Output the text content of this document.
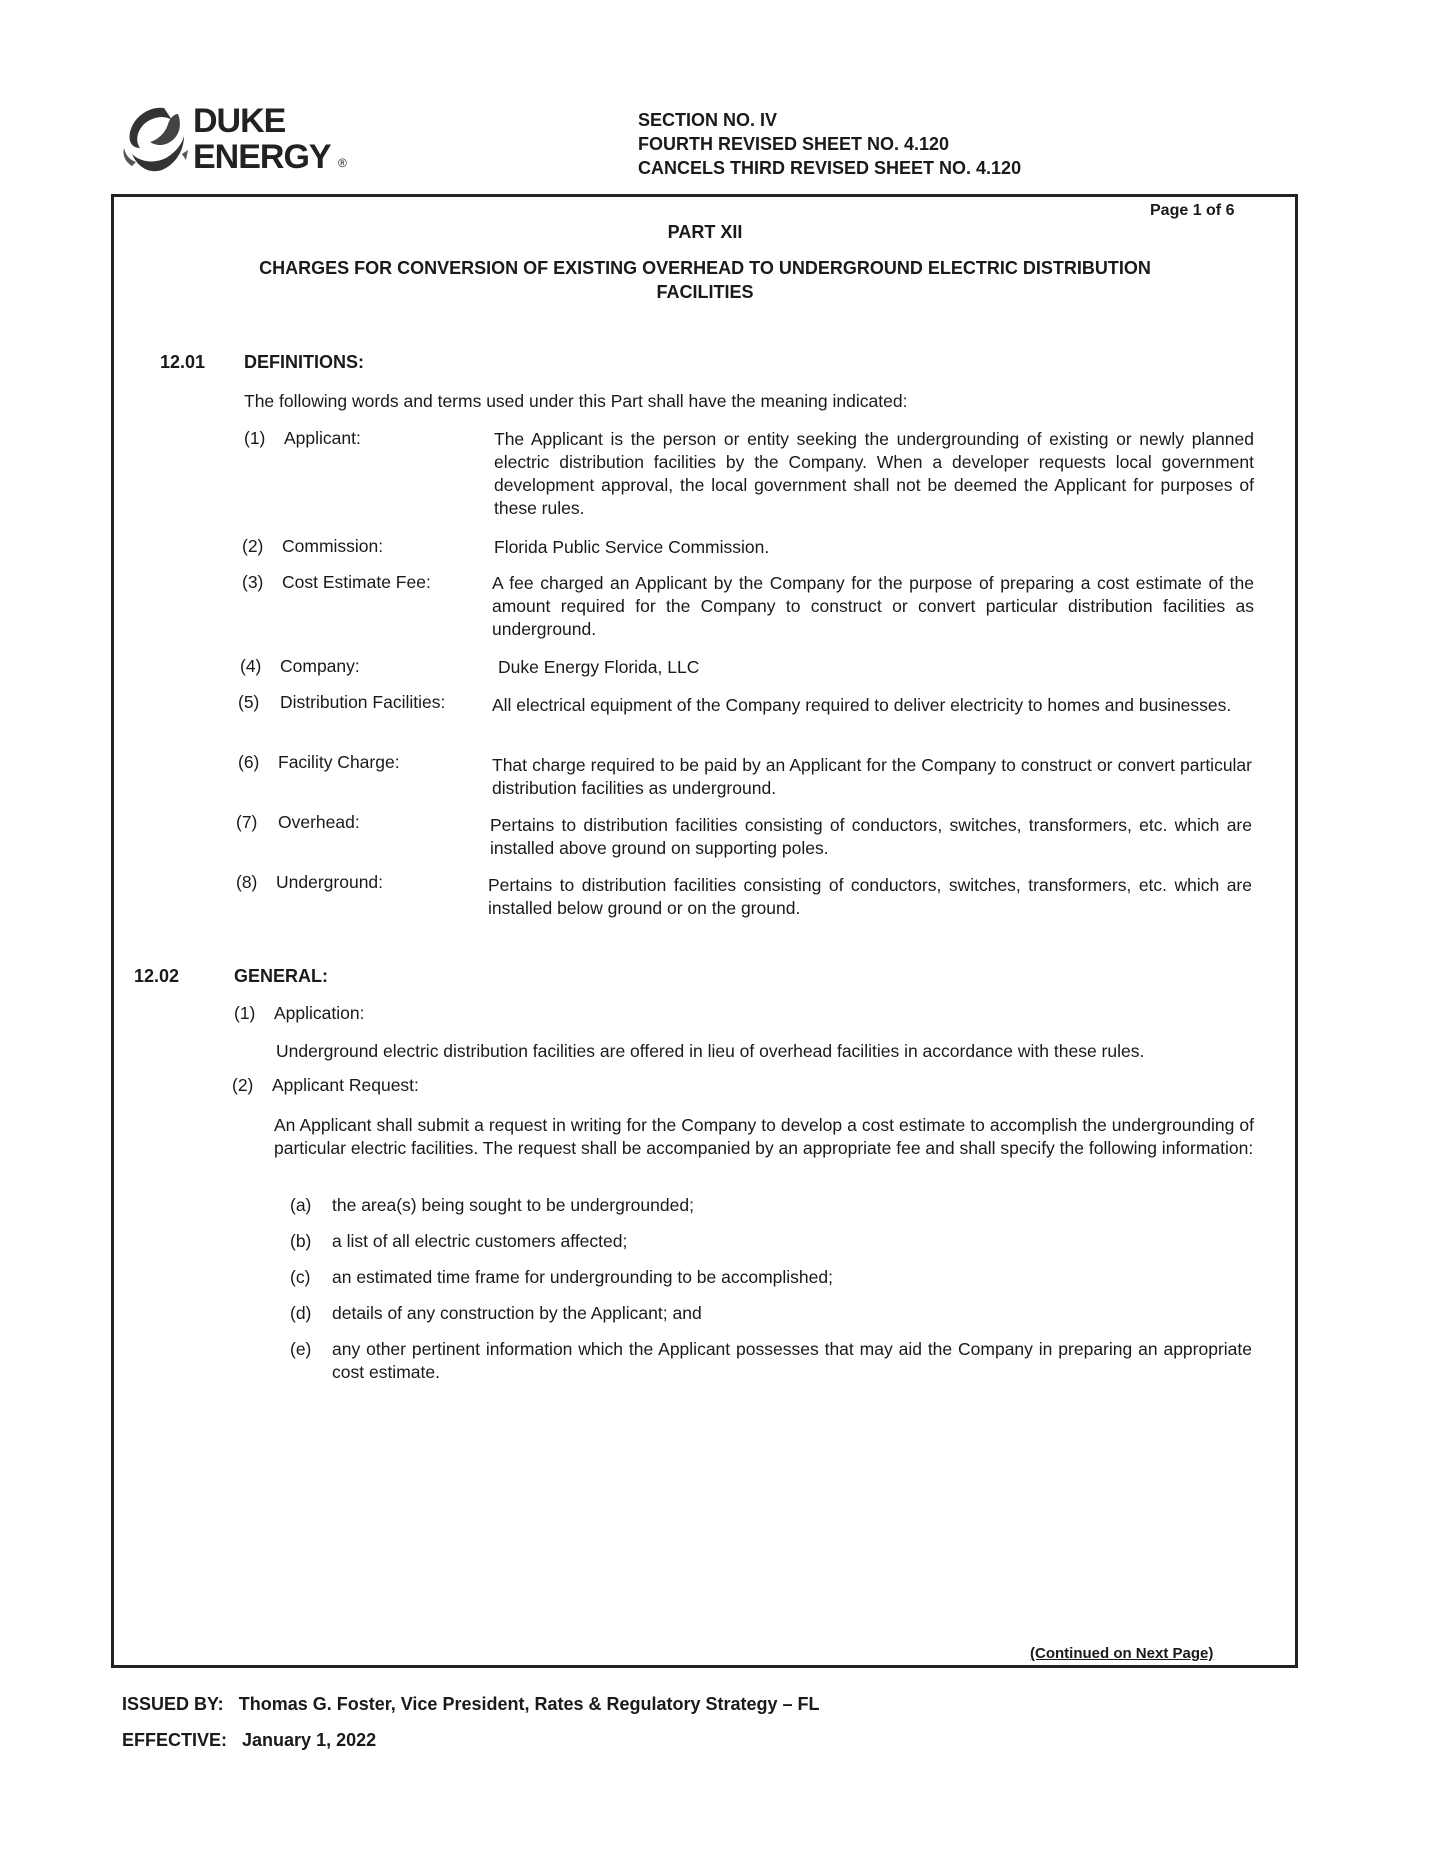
DUKE
ENERGY ®
SECTION NO. IV
FOURTH REVISED SHEET NO. 4.120
CANCELS THIRD REVISED SHEET NO. 4.120
Page 1 of 6
PART XII
CHARGES FOR CONVERSION OF EXISTING OVERHEAD TO UNDERGROUND ELECTRIC DISTRIBUTION
FACILITIES
12.01 DEFINITIONS:
The following words and terms used under this Part shall have the meaning indicated:
(1) Applicant:	The Applicant is the person or entity seeking the undergrounding of existing or newly planned electric distribution facilities by the Company. When a developer requests local government development approval, the local government shall not be deemed the Applicant for purposes of these rules.
(2) Commission:	Florida Public Service Commission.
(3) Cost Estimate Fee:	A fee charged an Applicant by the Company for the purpose of preparing a cost estimate of the amount required for the Company to construct or convert particular distribution facilities as underground.
(4) Company:	Duke Energy Florida, LLC
(5) Distribution Facilities:	All electrical equipment of the Company required to deliver electricity to homes and businesses.
(6) Facility Charge:	That charge required to be paid by an Applicant for the Company to construct or convert particular distribution facilities as underground.
(7) Overhead:	Pertains to distribution facilities consisting of conductors, switches, transformers, etc. which are installed above ground on supporting poles.
(8) Underground:	Pertains to distribution facilities consisting of conductors, switches, transformers, etc. which are installed below ground or on the ground.
12.02	GENERAL:
(1) Application:
Underground electric distribution facilities are offered in lieu of overhead facilities in accordance with these rules.
(2) Applicant Request:
An Applicant shall submit a request in writing for the Company to develop a cost estimate to accomplish the undergrounding of particular electric facilities. The request shall be accompanied by an appropriate fee and shall specify the following information:
(a) the area(s) being sought to be undergrounded;
(b) a list of all electric customers affected;
(c) an estimated time frame for undergrounding to be accomplished;
(d) details of any construction by the Applicant; and
(e) any other pertinent information which the Applicant possesses that may aid the Company in preparing an appropriate cost estimate.
(Continued on Next Page)
ISSUED BY: Thomas G. Foster, Vice President, Rates & Regulatory Strategy – FL
EFFECTIVE: January 1, 2022
